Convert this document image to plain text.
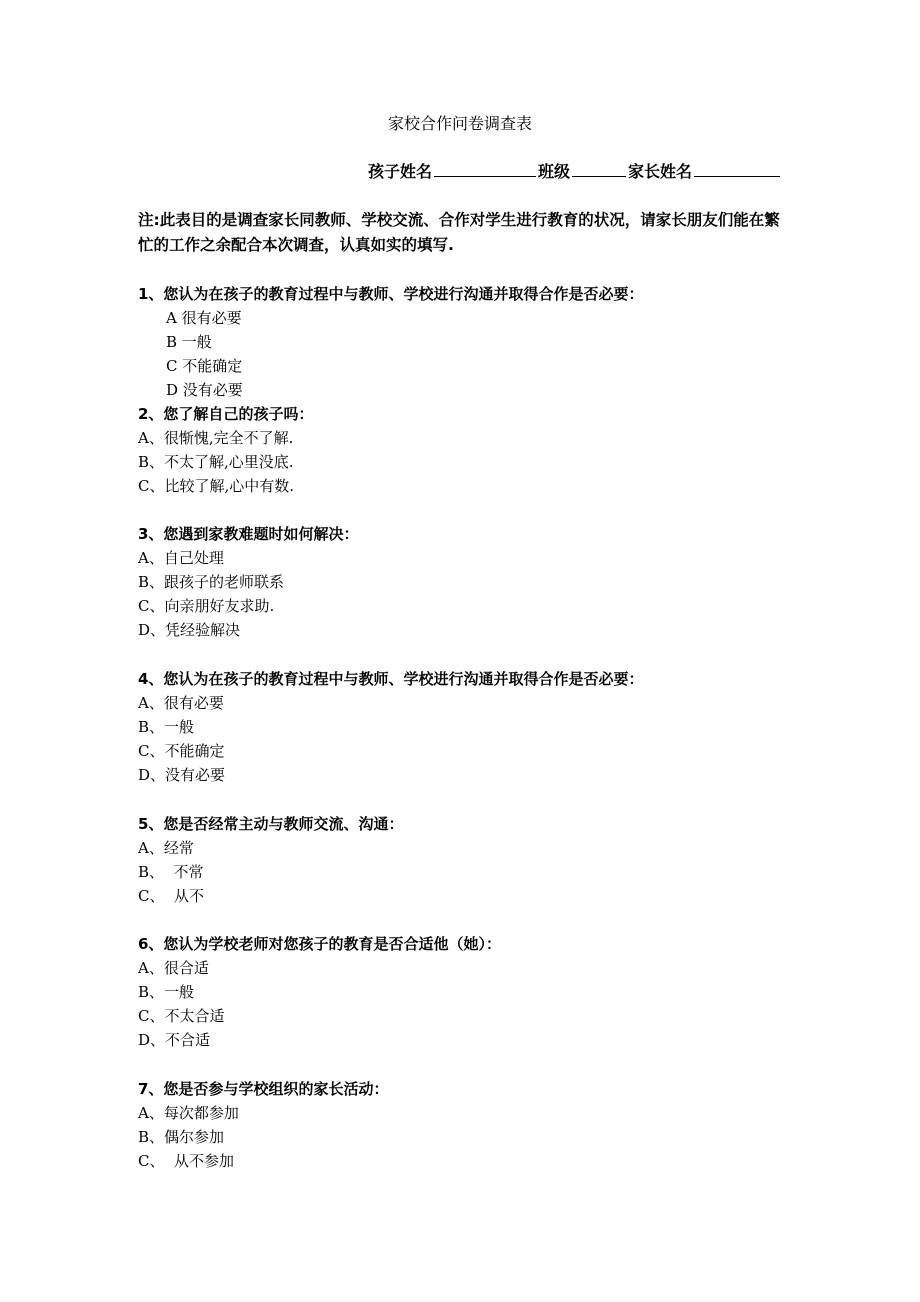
家校合作问卷调查表
孩子姓名	班级	家长姓名
注:此表目的是调查家长同教师、学校交流、合作对学生进行教育的状况，请家长朋友们能在繁忙的工作之余配合本次调查，认真如实的填写.
1、您认为在孩子的教育过程中与教师、学校进行沟通并取得合作是否必要：
A 很有必要
B 一般
C 不能确定
D 没有必要
2、您了解自己的孩子吗：
A、很惭愧,完全不了解.
B、不太了解,心里没底.
C、比较了解,心中有数.
3、您遇到家教难题时如何解决：
A、自己处理
B、跟孩子的老师联系
C、向亲朋好友求助.
D、凭经验解决
4、您认为在孩子的教育过程中与教师、学校进行沟通并取得合作是否必要：
A、很有必要
B、一般
C、不能确定
D、没有必要
5、您是否经常主动与教师交流、沟通：
A、经常
B、  不常
C、  从不
6、您认为学校老师对您孩子的教育是否合适他（她）：
A、很合适
B、一般
C、不太合适
D、不合适
7、您是否参与学校组织的家长活动：
A、每次都参加
B、偶尔参加
C、  从不参加
